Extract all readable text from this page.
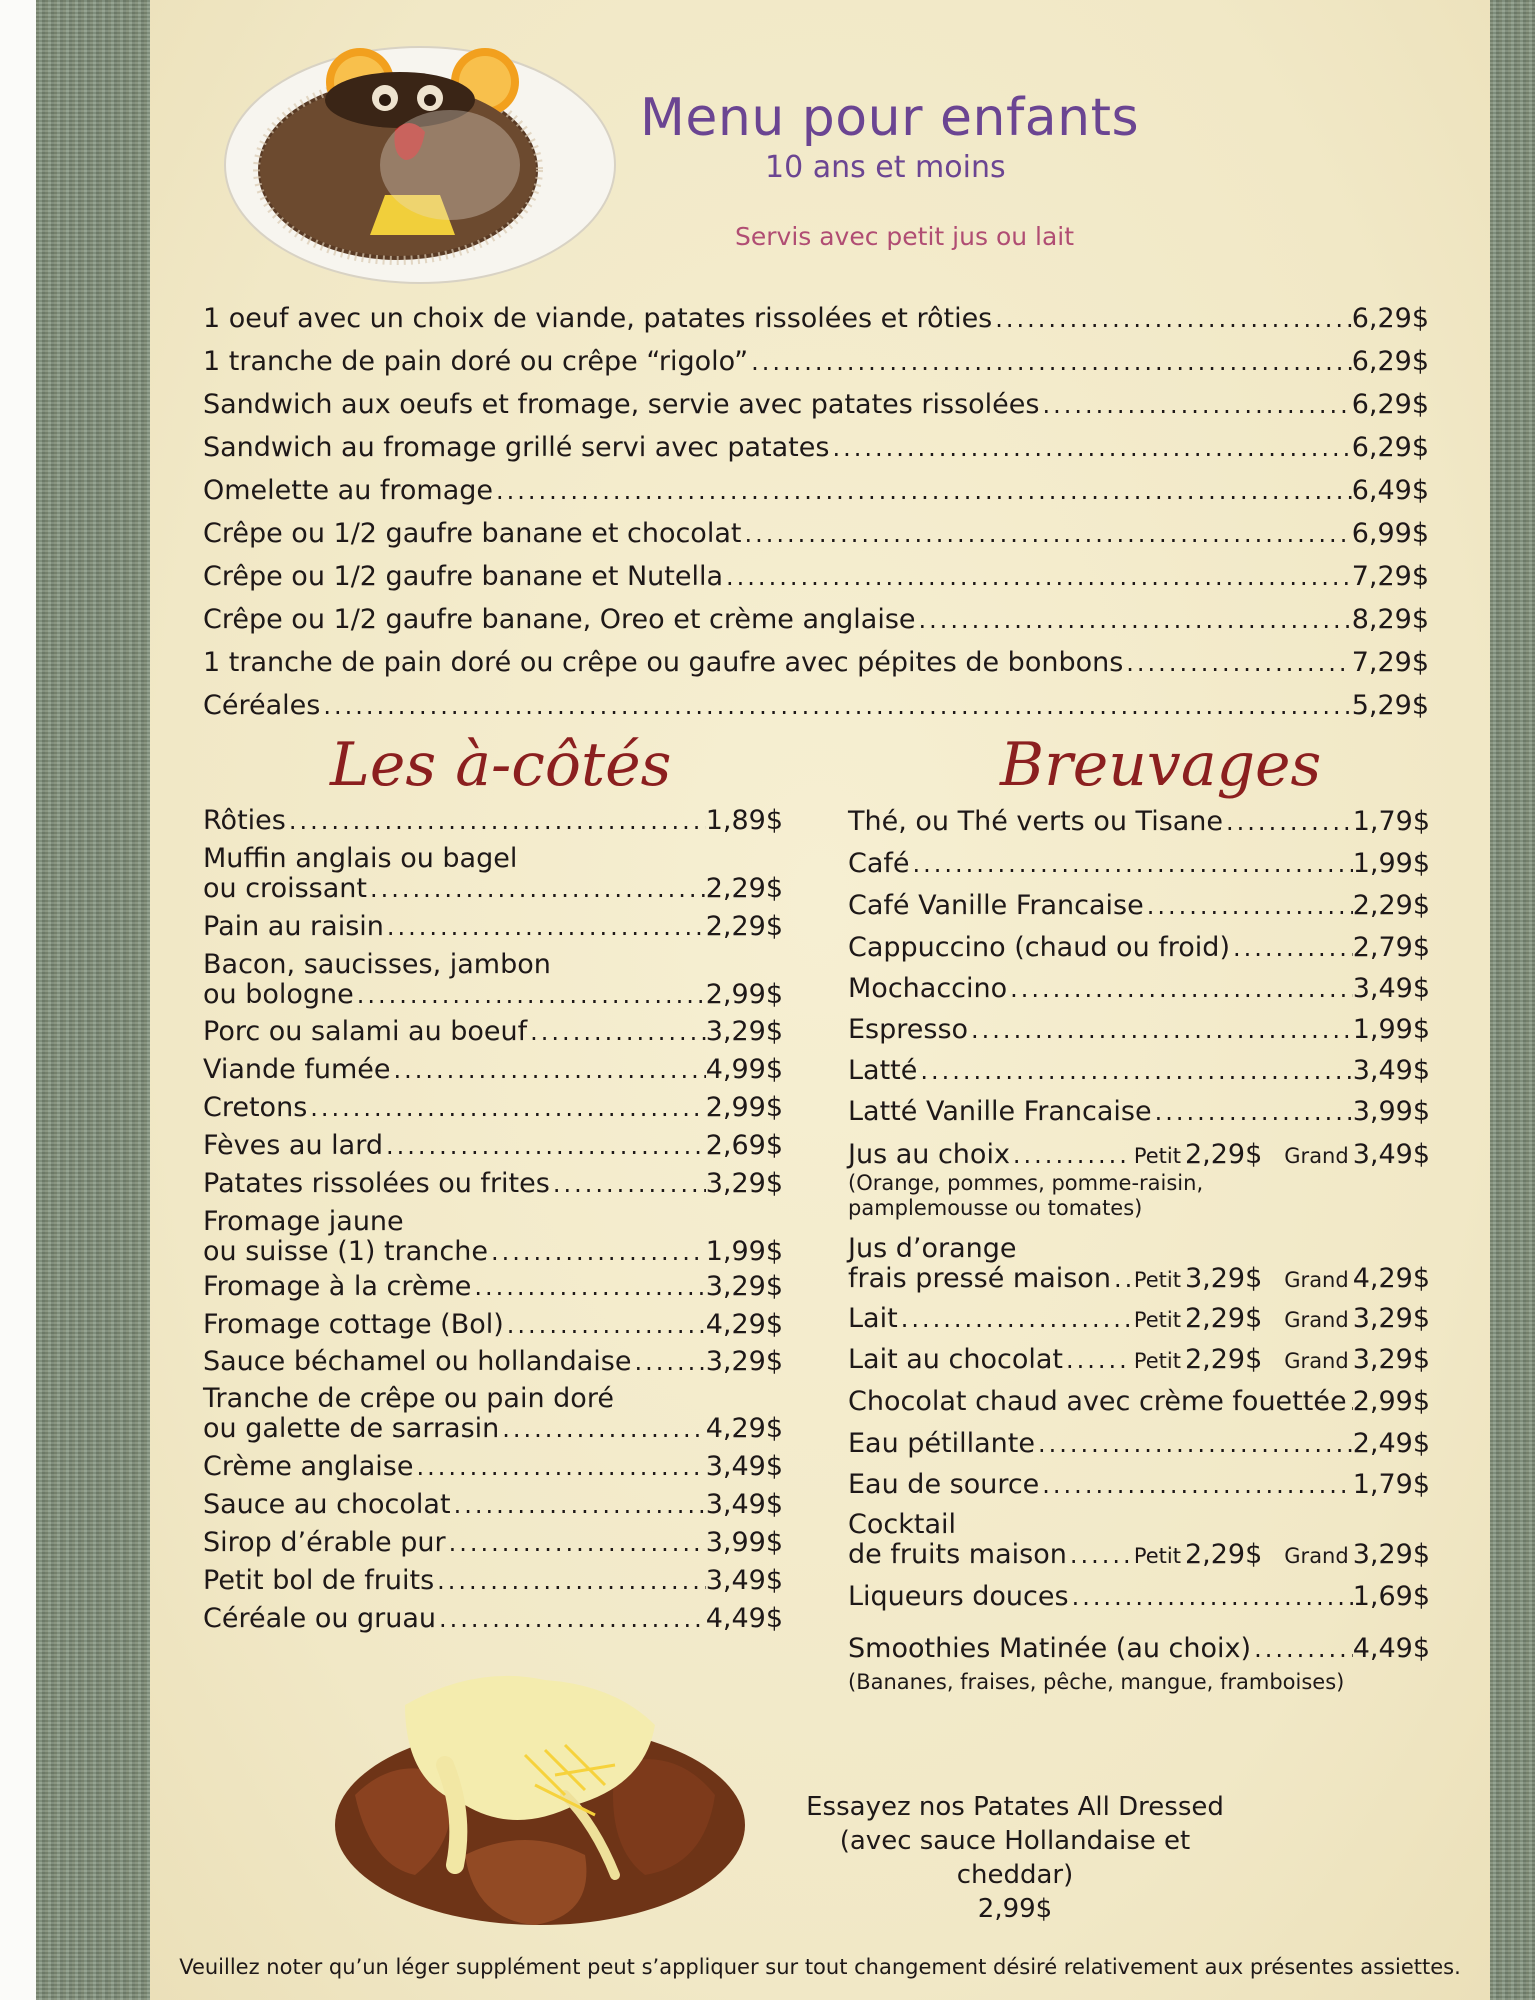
Menu pour enfants
10 ans et moins
Servis avec petit jus ou lait
1 oeuf avec un choix de viande, patates rissolées et rôties .....	6,29$
1 tranche de pain doré ou crêpe “rigolo” .....	6,29$
Sandwich aux oeufs et fromage, servie avec patates rissolées .....	6,29$
Sandwich au fromage grillé servi avec patates .....	6,29$
Omelette au fromage .....	6,49$
Crêpe ou 1/2 gaufre banane et chocolat .....	6,99$
Crêpe ou 1/2 gaufre banane et Nutella .....	7,29$
Crêpe ou 1/2 gaufre banane, Oreo et crème anglaise .....	8,29$
1 tranche de pain doré ou crêpe ou gaufre avec pépites de bonbons .....	7,29$
Céréales .....	5,29$
Les à-côtés	Breuvages
Rôties .....	1,89$
Muffin anglais ou bagel
ou croissant .....	2,29$
Pain au raisin .....	2,29$
Bacon, saucisses, jambon
ou bologne .....	2,99$
Porc ou salami au boeuf .....	3,29$
Viande fumée .....	4,99$
Cretons .....	2,99$
Fèves au lard .....	2,69$
Patates rissolées ou frites .....	3,29$
Fromage jaune
ou suisse (1) tranche .....	1,99$
Fromage à la crème .....	3,29$
Fromage cottage (Bol) .....	4,29$
Sauce béchamel ou hollandaise .....	3,29$
Tranche de crêpe ou pain doré
ou galette de sarrasin .....	4,29$
Crème anglaise .....	3,49$
Sauce au chocolat .....	3,49$
Sirop d’érable pur .....	3,99$
Petit bol de fruits .....	3,49$
Céréale ou gruau .....	4,49$
Thé, ou Thé verts ou Tisane .....	1,79$
Café .....	1,99$
Café Vanille Francaise .....	2,29$
Cappuccino (chaud ou froid) .....	2,79$
Mochaccino .....	3,49$
Espresso .....	1,99$
Latté .....	3,49$
Latté Vanille Francaise .....	3,99$
Jus au choix .....	Petit 2,29$ Grand 3,49$
(Orange, pommes, pomme-raisin,
pamplemousse ou tomates)
Jus d’orange
frais pressé maison ..... Petit 3,29$ Grand 4,29$
Lait .....	Petit 2,29$ Grand 3,29$
Lait au chocolat .....	Petit 2,29$ Grand 3,29$
Chocolat chaud avec crème fouettée ..... 2,99$
Eau pétillante .....	2,49$
Eau de source .....	1,79$
Cocktail
de fruits maison .....	Petit 2,29$ Grand 3,29$
Liqueurs douces .....	1,69$
Smoothies Matinée (au choix) .....	4,49$
(Bananes, fraises, pêche, mangue, framboises)
Essayez nos Patates All Dressed
(avec sauce Hollandaise et cheddar)
2,99$
Veuillez noter qu’un léger supplément peut s’appliquer sur tout changement désiré relativement aux présentes assiettes.
